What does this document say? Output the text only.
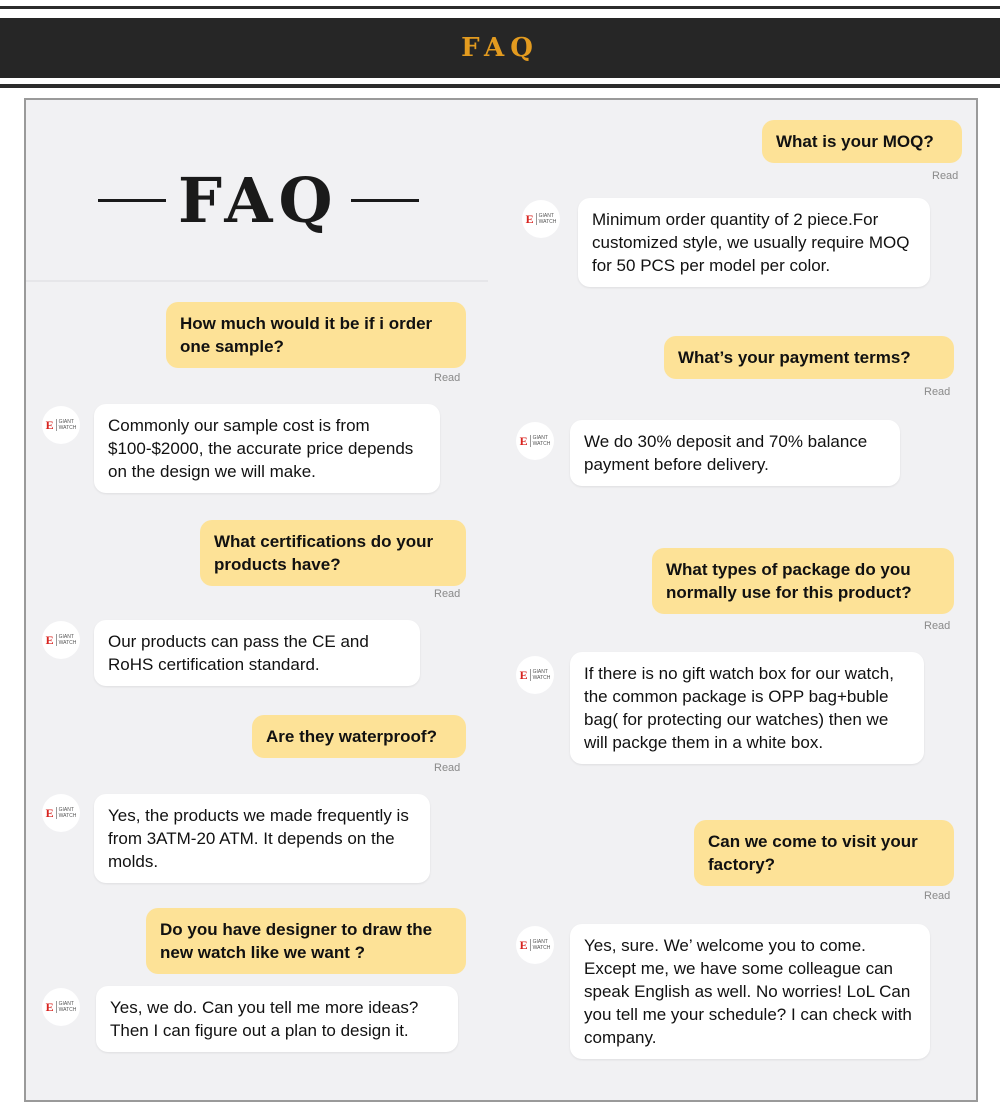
FAQ
FAQ
How much would it be if i order one sample?
Read
E GIANT
WATCH	Commonly our sample cost is from $100-$2000, the accurate price depends on the design we will make.
What certifications do your products have?
Read
E GIANT
WATCH	Our products can pass the CE and RoHS certification standard.
Are they waterproof?
Read
E GIANT
WATCH	Yes, the products we made frequently is from 3ATM-20 ATM. It depends on the molds.
Do you have designer to draw the new watch like we want ?
E GIANT
WATCH	Yes, we do. Can you tell me more ideas? Then I can figure out a plan to design it.
What is your MOQ?
Read
E GIANT
WATCH	Minimum order quantity of 2 piece.For customized style, we usually require MOQ for 50 PCS per model per color.
What’s your payment terms?
Read
E GIANT
WATCH	We do 30% deposit and 70% balance payment before delivery.
What types of package do you normally use for this product?
Read
E GIANT
WATCH	If there is no gift watch box for our watch, the common package is OPP bag+buble bag( for protecting our watches) then we will packge them in a white box.
Can we come to visit your factory?
Read
E GIANT
WATCH	Yes, sure. We’ welcome you to come. Except me, we have some colleague can speak English as well. No worries! LoL Can you tell me your schedule? I can check with company.
